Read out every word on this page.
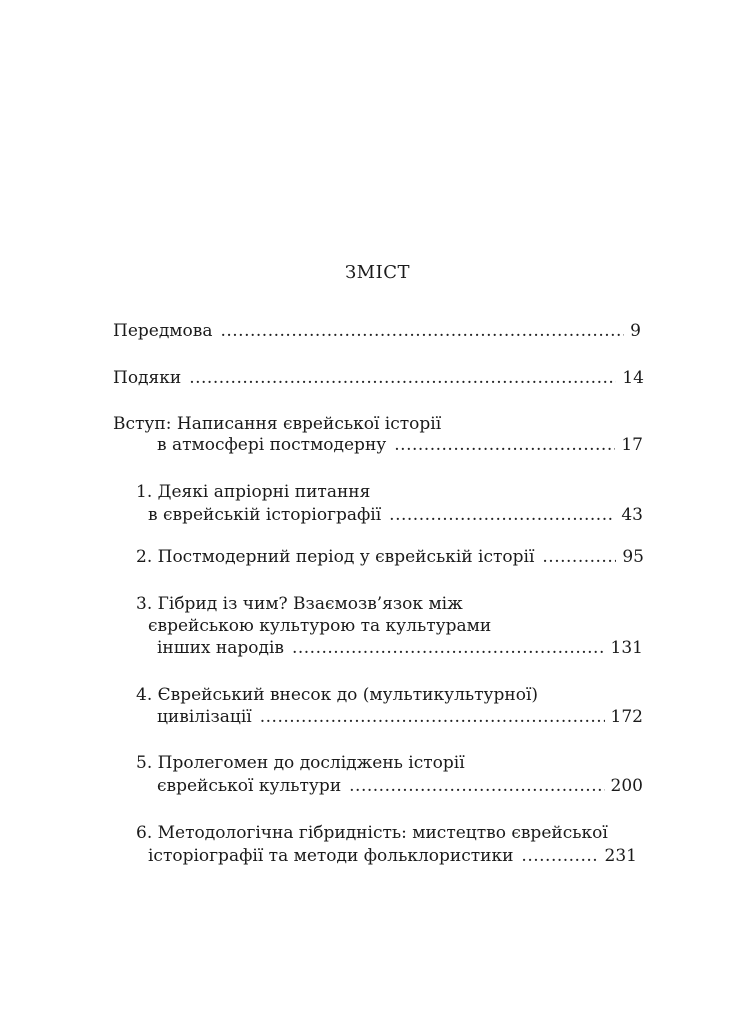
ЗМІСТ
Передмова .....	9
Подяки .....	14
Вступ: Написання єврейської історії
в атмосфері постмодерну .....	17
1. Деякі апріорні питання
в єврейській історіографії .....	43
2. Постмодерний період у єврейській історії .....	95
3. Гібрид із чим? Взаємозв’язок між
єврейською культурою та культурами
інших народів .....	131
4. Єврейський внесок до (мультикультурної)
цивілізації .....	172
5. Пролегомен до досліджень історії
єврейської культури .....	200
6. Методологічна гібридність: мистецтво єврейської
історіографії та методи фольклористики .....	231
